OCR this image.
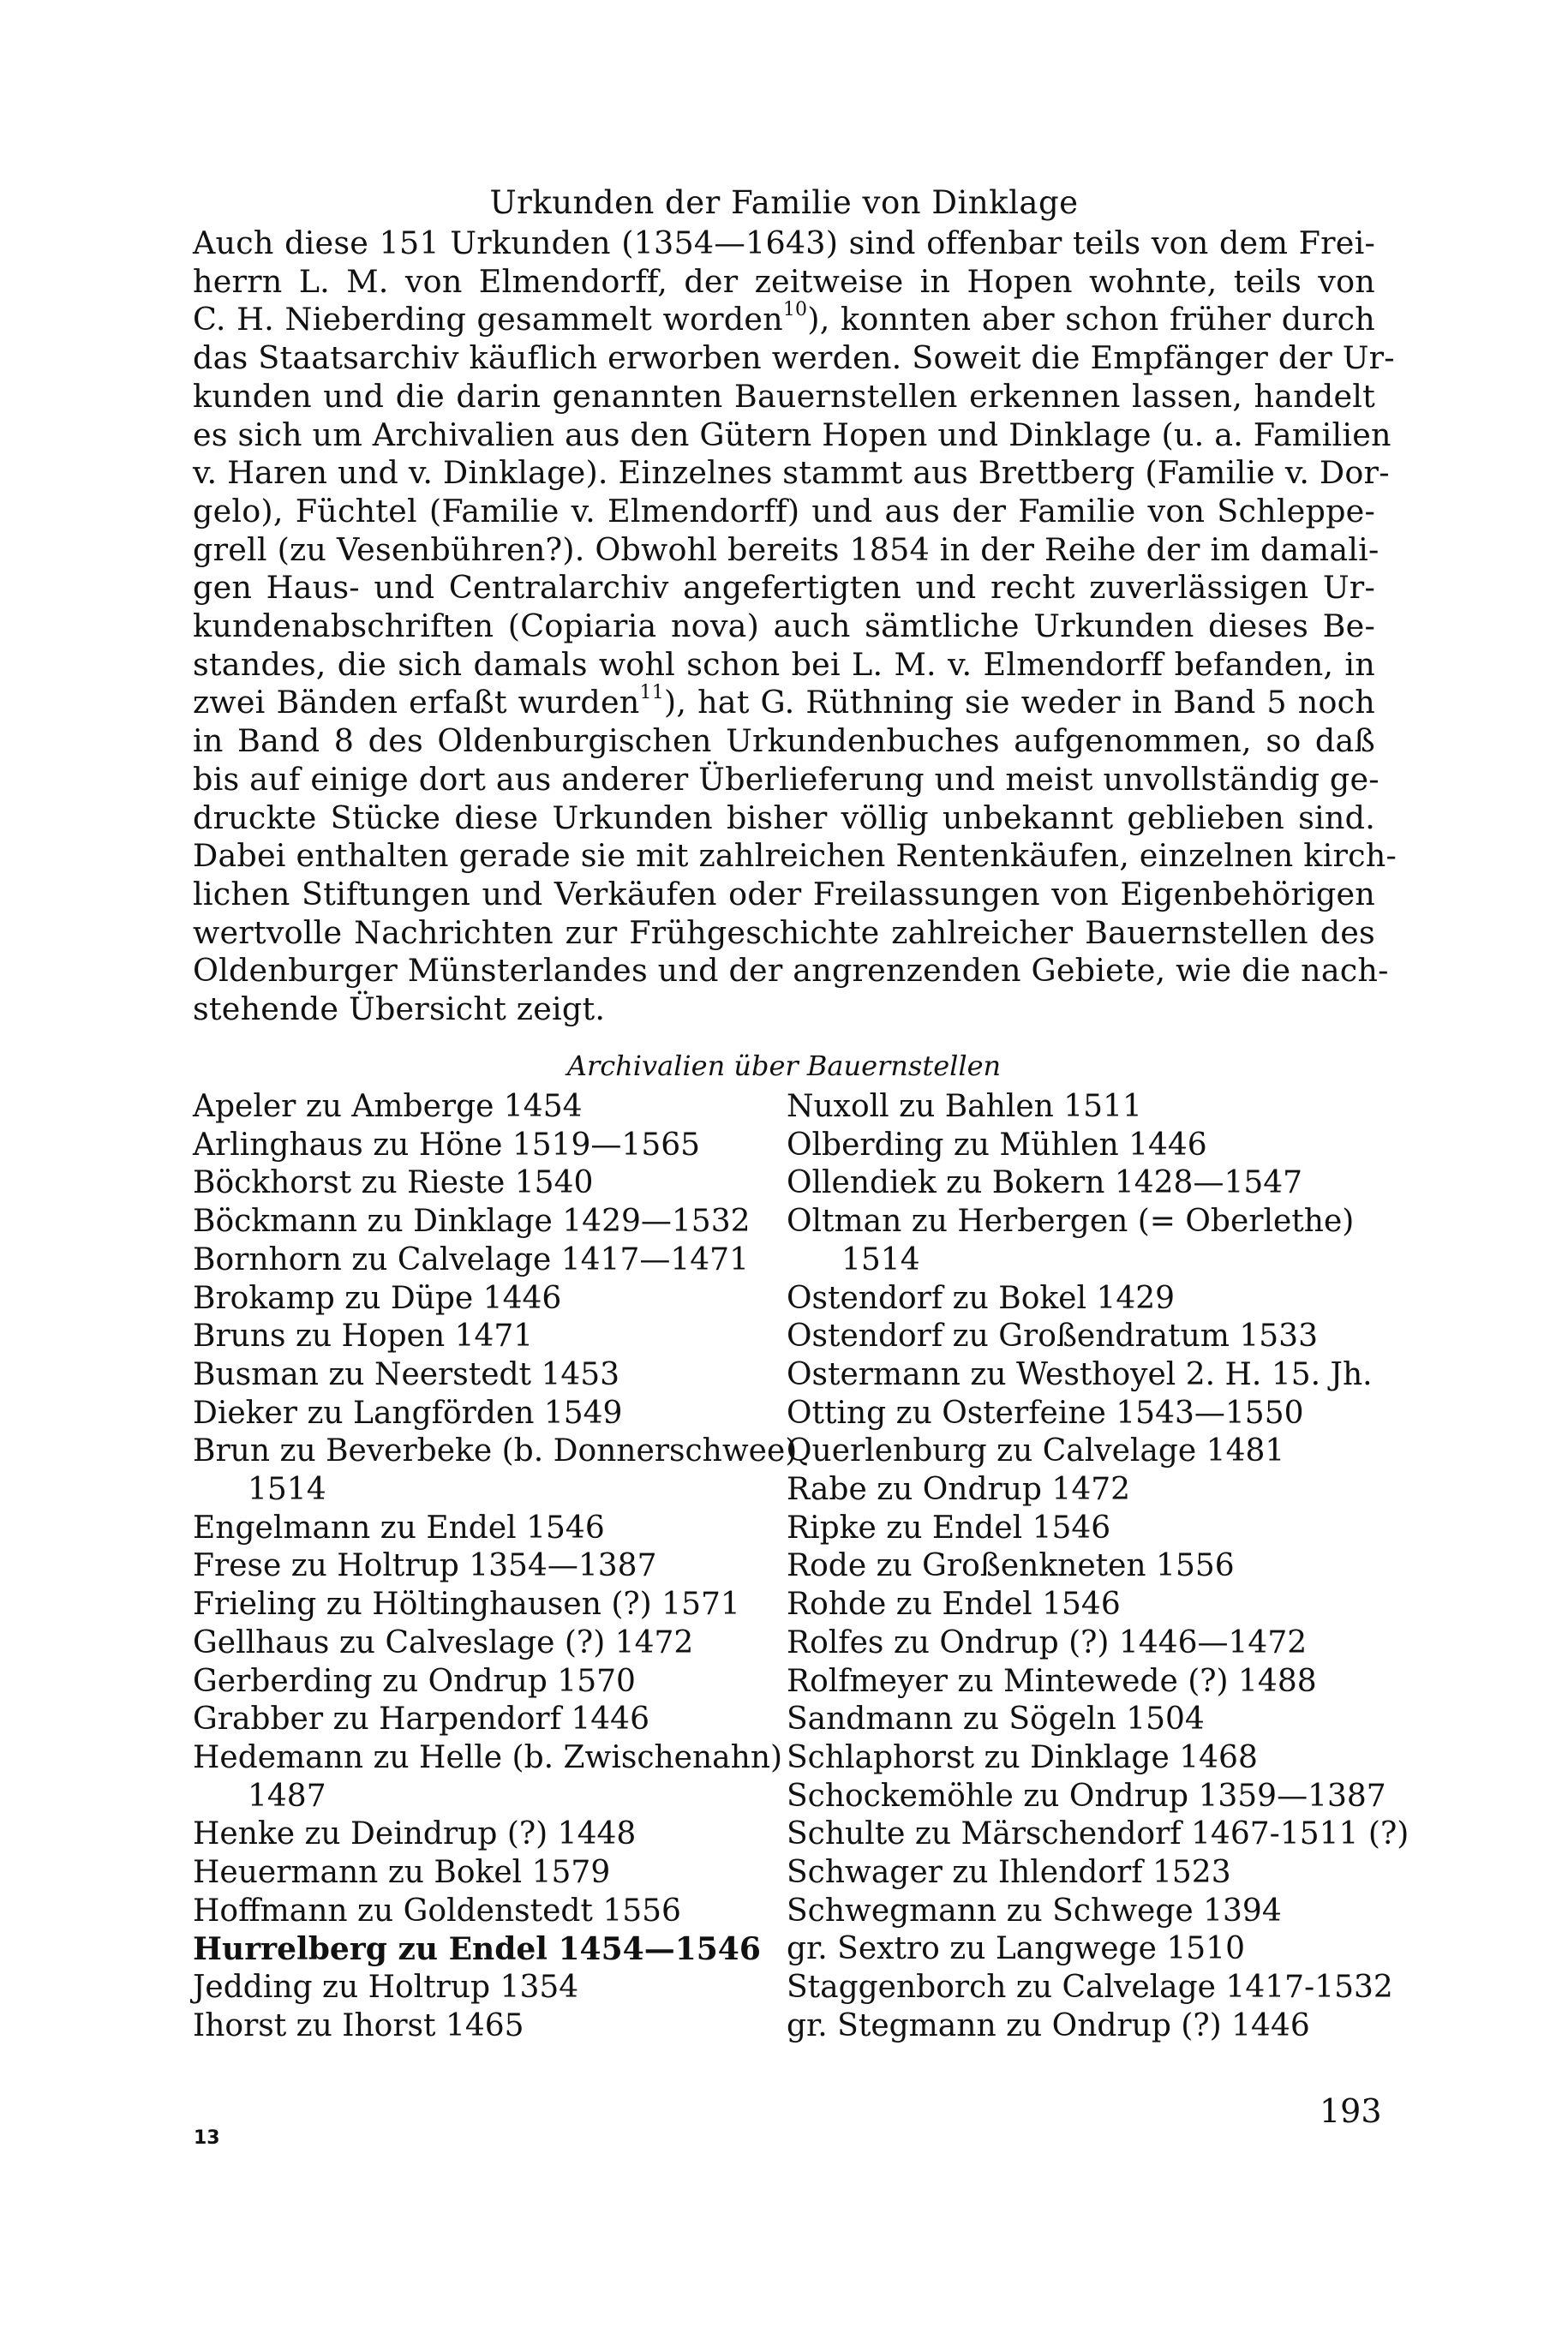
Urkunden der Familie von Dinklage
Auch diese 151 Urkunden (1354—1643) sind offenbar teils von dem Frei-
herrn L. M. von Elmendorff, der zeitweise in Hopen wohnte, teils von
C. H. Nieberding gesammelt worden$^{10}$), konnten aber schon früher durch
das Staatsarchiv käuflich erworben werden. Soweit die Empfänger der Ur-
kunden und die darin genannten Bauernstellen erkennen lassen, handelt
es sich um Archivalien aus den Gütern Hopen und Dinklage (u. a. Familien
v. Haren und v. Dinklage). Einzelnes stammt aus Brettberg (Familie v. Dor-
gelo), Füchtel (Familie v. Elmendorff) und aus der Familie von Schleppe-
grell (zu Vesenbühren?). Obwohl bereits 1854 in der Reihe der im damali-
gen Haus- und Centralarchiv angefertigten und recht zuverlässigen Ur-
kundenabschriften (Copiaria nova) auch sämtliche Urkunden dieses Be-
standes, die sich damals wohl schon bei L. M. v. Elmendorff befanden, in
zwei Bänden erfaßt wurden$^{11}$), hat G. Rüthning sie weder in Band 5 noch
in Band 8 des Oldenburgischen Urkundenbuches aufgenommen, so daß
bis auf einige dort aus anderer Überlieferung und meist unvollständig ge-
druckte Stücke diese Urkunden bisher völlig unbekannt geblieben sind.
Dabei enthalten gerade sie mit zahlreichen Rentenkäufen, einzelnen kirch-
lichen Stiftungen und Verkäufen oder Freilassungen von Eigenbehörigen
wertvolle Nachrichten zur Frühgeschichte zahlreicher Bauernstellen des
Oldenburger Münsterlandes und der angrenzenden Gebiete, wie die nach-
stehende Übersicht zeigt.
Archivalien über Bauernstellen
Apeler zu Amberge 1454
Arlinghaus zu Höne 1519—1565
Böckhorst zu Rieste 1540
Böckmann zu Dinklage 1429—1532
Bornhorn zu Calvelage 1417—1471
Brokamp zu Düpe 1446
Bruns zu Hopen 1471
Busman zu Neerstedt 1453
Dieker zu Langförden 1549
Brun zu Beverbeke (b. Donnerschwee)
1514
Engelmann zu Endel 1546
Frese zu Holtrup 1354—1387
Frieling zu Höltinghausen (?) 1571
Gellhaus zu Calveslage (?) 1472
Gerberding zu Ondrup 1570
Grabber zu Harpendorf 1446
Hedemann zu Helle (b. Zwischenahn)
1487
Henke zu Deindrup (?) 1448
Heuermann zu Bokel 1579
Hoffmann zu Goldenstedt 1556
Hurrelberg zu Endel 1454—1546
Jedding zu Holtrup 1354
Ihorst zu Ihorst 1465
Nuxoll zu Bahlen 1511
Olberding zu Mühlen 1446
Ollendiek zu Bokern 1428—1547
Oltman zu Herbergen (= Oberlethe)
1514
Ostendorf zu Bokel 1429
Ostendorf zu Großendratum 1533
Ostermann zu Westhoyel 2. H. 15. Jh.
Otting zu Osterfeine 1543—1550
Querlenburg zu Calvelage 1481
Rabe zu Ondrup 1472
Ripke zu Endel 1546
Rode zu Großenkneten 1556
Rohde zu Endel 1546
Rolfes zu Ondrup (?) 1446—1472
Rolfmeyer zu Mintewede (?) 1488
Sandmann zu Sögeln 1504
Schlaphorst zu Dinklage 1468
Schockemöhle zu Ondrup 1359—1387
Schulte zu Märschendorf 1467-1511 (?)
Schwager zu Ihlendorf 1523
Schwegmann zu Schwege 1394
gr. Sextro zu Langwege 1510
Staggenborch zu Calvelage 1417-1532
gr. Stegmann zu Ondrup (?) 1446
13
193
